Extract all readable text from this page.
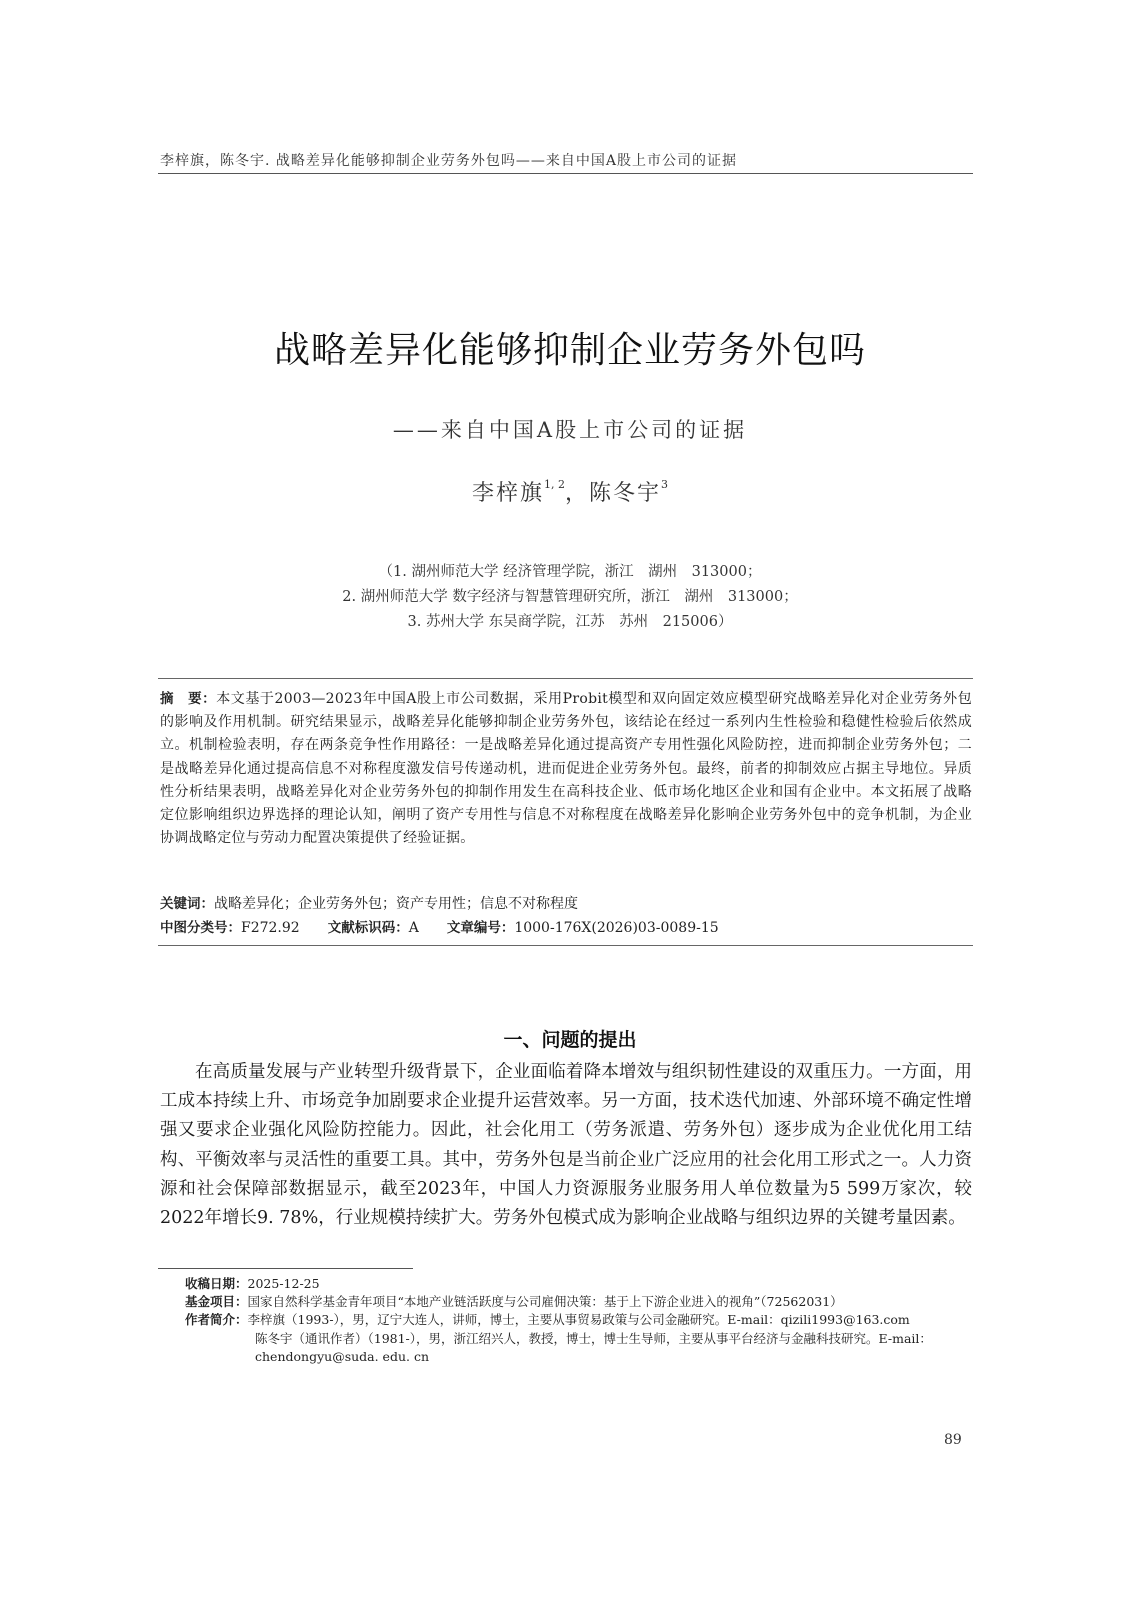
李梓旗，陈冬宇. 战略差异化能够抑制企业劳务外包吗——来自中国A股上市公司的证据
战略差异化能够抑制企业劳务外包吗
——来自中国A股上市公司的证据
李梓旗$^{1, 2}$，陈冬宇$^3$
（1. 湖州师范大学 经济管理学院，浙江　湖州　313000；
2. 湖州师范大学 数字经济与智慧管理研究所，浙江　湖州　313000；
3. 苏州大学 东吴商学院，江苏　苏州　215006）
摘　要：本文基于2003—2023年中国A股上市公司数据，采用Probit模型和双向固定效应模型研究战略差异化对企业劳务外包的影响及作用机制。研究结果显示，战略差异化能够抑制企业劳务外包，该结论在经过一系列内生性检验和稳健性检验后依然成立。机制检验表明，存在两条竞争性作用路径：一是战略差异化通过提高资产专用性强化风险防控，进而抑制企业劳务外包；二是战略差异化通过提高信息不对称程度激发信号传递动机，进而促进企业劳务外包。最终，前者的抑制效应占据主导地位。异质性分析结果表明，战略差异化对企业劳务外包的抑制作用发生在高科技企业、低市场化地区企业和国有企业中。本文拓展了战略定位影响组织边界选择的理论认知，阐明了资产专用性与信息不对称程度在战略差异化影响企业劳务外包中的竞争机制，为企业协调战略定位与劳动力配置决策提供了经验证据。
关键词：战略差异化；企业劳务外包；资产专用性；信息不对称程度
中图分类号：F272.92 文献标识码：A 文章编号：1000-176X(2026)03-0089-15
一、问题的提出
在高质量发展与产业转型升级背景下，企业面临着降本增效与组织韧性建设的双重压力。一方面，用工成本持续上升、市场竞争加剧要求企业提升运营效率。另一方面，技术迭代加速、外部环境不确定性增强又要求企业强化风险防控能力。因此，社会化用工（劳务派遣、劳务外包）逐步成为企业优化用工结构、平衡效率与灵活性的重要工具。其中，劳务外包是当前企业广泛应用的社会化用工形式之一。人力资源和社会保障部数据显示，截至2023年，中国人力资源服务业服务用人单位数量为5 599万家次，较2022年增长9. 78%，行业规模持续扩大。劳务外包模式成为影响企业战略与组织边界的关键考量因素。
收稿日期： 2025-12-25
基金项目： 国家自然科学基金青年项目“本地产业链活跃度与公司雇佣决策：基于上下游企业进入的视角”（72562031）
作者简介： 李梓旗（1993-），男，辽宁大连人，讲师，博士，主要从事贸易政策与公司金融研究。E-mail：qizili1993@163.com
陈冬宇（通讯作者）（1981-），男，浙江绍兴人，教授，博士，博士生导师，主要从事平台经济与金融科技研究。E-mail：chendongyu@suda. edu. cn
89
